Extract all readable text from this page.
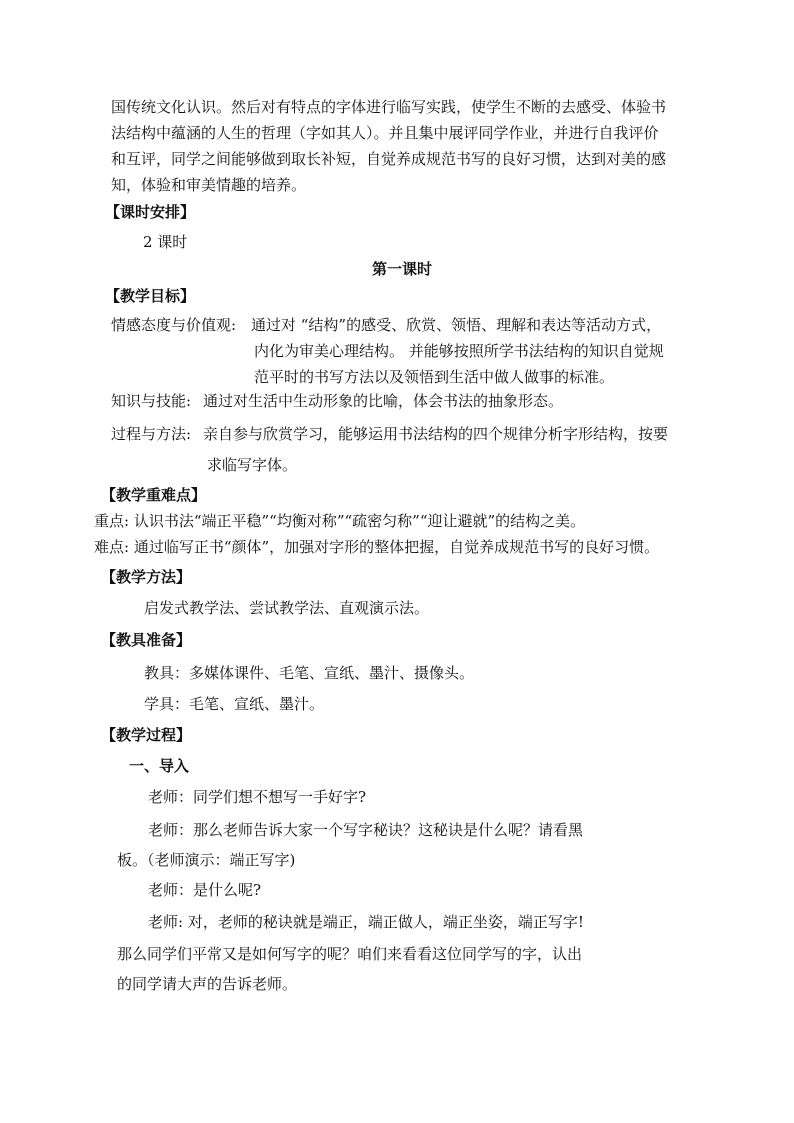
国传统文化认识。然后对有特点的字体进行临写实践，使学生不断的去感受、体验书
法结构中蕴涵的人生的哲理（字如其人）。并且集中展评同学作业，并进行自我评价
和互评，同学之间能够做到取长补短，自觉养成规范书写的良好习惯，达到对美的感
知，体验和审美情趣的培养。
【课时安排】
2 课时
第一课时
【教学目标】
情感态度与价值观: 通过对 “结构”的感受、欣赏、领悟、理解和表达等活动方式，
内化为审美心理结构。 并能够按照所学书法结构的知识自觉规
范平时的书写方法以及领悟到生活中做人做事的标准。
知识与技能: 通过对生活中生动形象的比喻，体会书法的抽象形态。
过程与方法: 亲自参与欣赏学习，能够运用书法结构的四个规律分析字形结构，按要
求临写字体。
【教学重难点】
重点: 认识书法“端正平稳”“均衡对称”“疏密匀称”“迎让避就”的结构之美。
难点: 通过临写正书“颜体”，加强对字形的整体把握，自觉养成规范书写的良好习惯。
【教学方法】
启发式教学法、尝试教学法、直观演示法。
【教具准备】
教具：多媒体课件、毛笔、宣纸、墨汁、摄像头。
学具：毛笔、宣纸、墨汁。
【教学过程】
一、导入
老师：同学们想不想写一手好字?
老师：那么老师告诉大家一个写字秘诀？这秘诀是什么呢？请看黑
板。（老师演示：端正写字)
老师：是什么呢?
老师: 对，老师的秘诀就是端正，端正做人，端正坐姿，端正写字!
那么同学们平常又是如何写字的呢？咱们来看看这位同学写的字，认出
的同学请大声的告诉老师。
